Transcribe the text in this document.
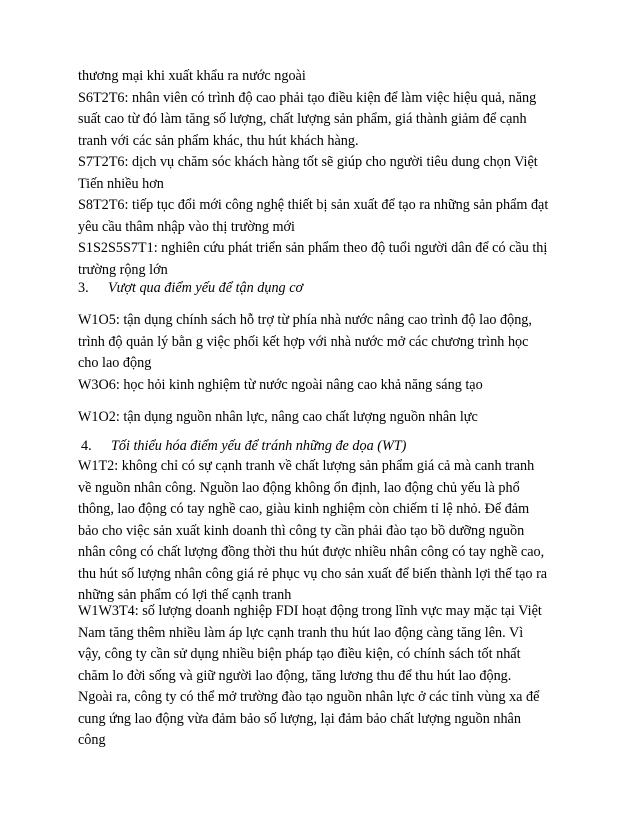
thương mại khi xuất khẩu ra nước ngoài
S6T2T6: nhân viên có trình độ cao phải tạo điều kiện để làm việc hiệu quả, năng
suất cao từ đó làm tăng số lượng, chất lượng sản phẩm, giá thành giảm để cạnh
tranh với các sản phẩm khác, thu hút khách hàng.
S7T2T6: dịch vụ chăm sóc khách hàng tốt sẽ giúp cho người tiêu dung chọn Việt
Tiến nhiều hơn
S8T2T6: tiếp tục đổi mới công nghệ thiết bị sản xuất để tạo ra những sản phẩm đạt
yêu cầu thâm nhập vào thị trường mới
S1S2S5S7T1: nghiên cứu phát triển sản phẩm theo độ tuổi người dân để có cầu thị
trường rộng lớn
3. Vượt qua điểm yếu để tận dụng cơ
W1O5: tận dụng chính sách hỗ trợ từ phía nhà nước nâng cao trình độ lao động,
trình độ quản lý bằn g việc phối kết hợp với nhà nước mở các chương trình học
cho lao động
W3O6: học hỏi kinh nghiệm từ nước ngoài nâng cao khả năng sáng tạo
W1O2: tận dụng nguồn nhân lực, nâng cao chất lượng nguồn nhân lực
4. Tối thiểu hóa điểm yếu để tránh những đe dọa (WT)
W1T2: không chỉ có sự cạnh tranh về chất lượng sản phẩm giá cả mà canh tranh
về nguồn nhân công. Nguồn lao động không ổn định, lao động chủ yếu là phổ
thông, lao động có tay nghề cao, giàu kinh nghiệm còn chiếm tỉ lệ nhỏ. Để đảm
bảo cho việc sản xuất kinh doanh thì công ty cần phải đào tạo bồ dưỡng nguồn
nhân công có chất lượng đồng thời thu hút được nhiều nhân công có tay nghề cao,
thu hút số lượng nhân công giá rẻ phục vụ cho sản xuất để biến thành lợi thế tạo ra
những sản phẩm có lợi thế cạnh tranh
W1W3T4: số lượng doanh nghiệp FDI hoạt động trong lĩnh vực may mặc tại Việt
Nam tăng thêm nhiều làm áp lực cạnh tranh thu hút lao động càng tăng lên. Vì
vậy, công ty cần sử dụng nhiều biện pháp tạo điều kiện, có chính sách tốt nhất
chăm lo đời sống và giữ người lao động, tăng lương thu để thu hút lao động.
Ngoài ra, công ty có thể mở trường đào tạo nguồn nhân lực ở các tỉnh vùng xa để
cung ứng lao động vừa đảm bảo số lượng, lại đảm bảo chất lượng nguồn nhân
công
